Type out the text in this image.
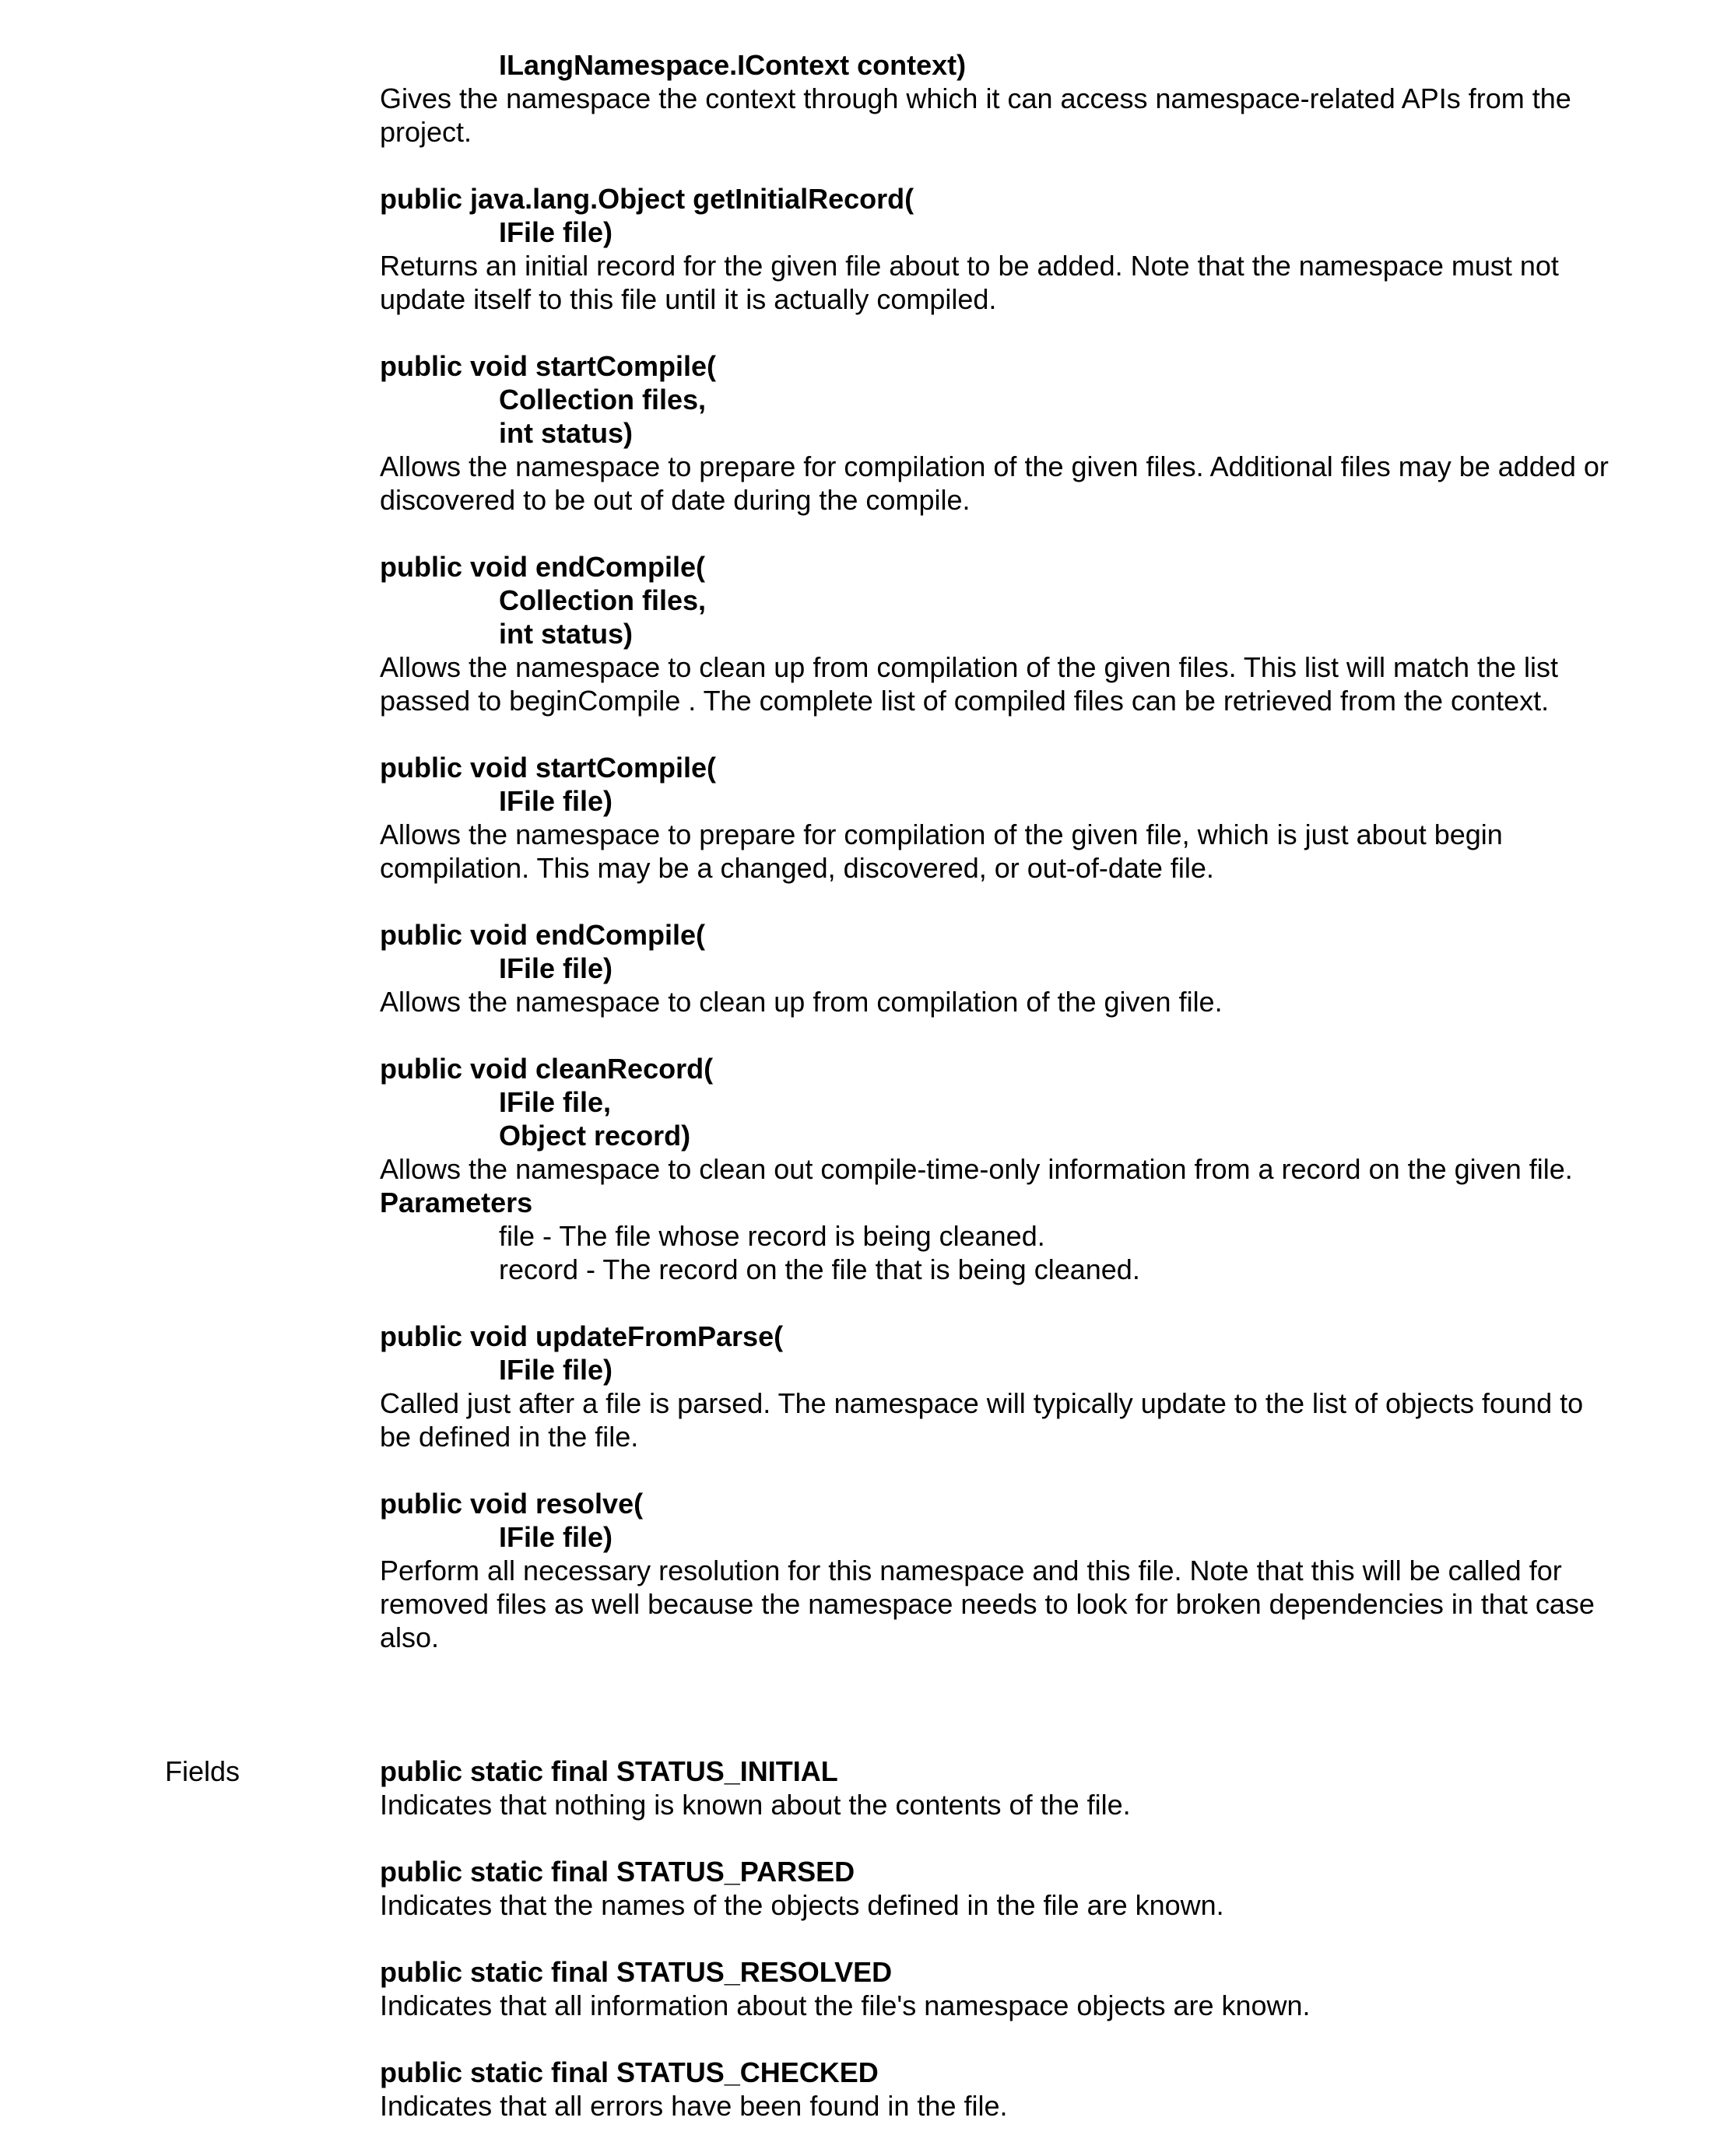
ILangNamespace.IContext context)
Gives the namespace the context through which it can access namespace-related APIs from the project.
public java.lang.Object getInitialRecord(
IFile file)
Returns an initial record for the given file about to be added. Note that the namespace must not update itself to this file until it is actually compiled.
public void startCompile(
Collection files,
int status)
Allows the namespace to prepare for compilation of the given files. Additional files may be added or discovered to be out of date during the compile.
public void endCompile(
Collection files,
int status)
Allows the namespace to clean up from compilation of the given files. This list will match the list passed to beginCompile . The complete list of compiled files can be retrieved from the context.
public void startCompile(
IFile file)
Allows the namespace to prepare for compilation of the given file, which is just about begin compilation. This may be a changed, discovered, or out-of-date file.
public void endCompile(
IFile file)
Allows the namespace to clean up from compilation of the given file.
public void cleanRecord(
IFile file,
Object record)
Allows the namespace to clean out compile-time-only information from a record on the given file.
Parameters
file - The file whose record is being cleaned.
record - The record on the file that is being cleaned.
public void updateFromParse(
IFile file)
Called just after a file is parsed. The namespace will typically update to the list of objects found to be defined in the file.
public void resolve(
IFile file)
Perform all necessary resolution for this namespace and this file. Note that this will be called for removed files as well because the namespace needs to look for broken dependencies in that case also.
Fields	public static final STATUS_INITIAL
Indicates that nothing is known about the contents of the file.
public static final STATUS_PARSED
Indicates that the names of the objects defined in the file are known.
public static final STATUS_RESOLVED
Indicates that all information about the file's namespace objects are known.
public static final STATUS_CHECKED
Indicates that all errors have been found in the file.
